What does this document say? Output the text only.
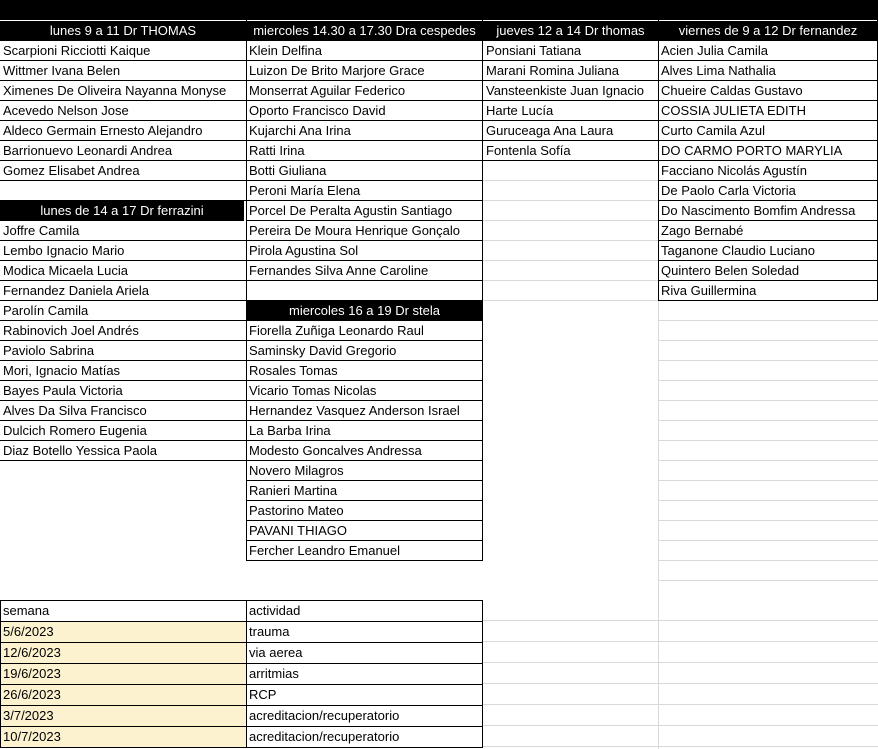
lunes 9 a 11 Dr THOMAS
Scarpioni Ricciotti Kaique
Wittmer Ivana Belen
Ximenes De Oliveira Nayanna Monyse
Acevedo Nelson Jose
Aldeco Germain Ernesto Alejandro
Barrionuevo Leonardi Andrea
Gomez Elisabet Andrea
miercoles 14.30 a 17.30 Dra cespedes
Klein Delfina
Luizon De Brito Marjore Grace
Monserrat Aguilar Federico
Oporto Francisco David
Kujarchi Ana Irina
Ratti Irina
Botti Giuliana
Peroni María Elena
Porcel De Peralta Agustin Santiago
Pereira De Moura Henrique Gonçalo
Pirola Agustina Sol
Fernandes Silva Anne Caroline
jueves 12 a 14 Dr thomas
Ponsiani Tatiana
Marani Romina Juliana
Vansteenkiste Juan Ignacio
Harte Lucía
Guruceaga Ana Laura
Fontenla Sofía
viernes de 9 a 12 Dr fernandez
Acien Julia Camila
Alves Lima Nathalia
Chueire Caldas Gustavo
COSSIA JULIETA EDITH
Curto Camila Azul
DO CARMO PORTO MARYLIA
Facciano Nicolás Agustín
De Paolo Carla Victoria
Do Nascimento Bomfim Andressa
Zago Bernabé
Taganone Claudio Luciano
Quintero Belen Soledad
Riva Guillermina
lunes de 14 a 17 Dr ferrazini
Joffre Camila
Lembo Ignacio Mario
Modica Micaela Lucia
Fernandez Daniela Ariela
Parolín Camila
Rabinovich Joel Andrés
Paviolo Sabrina
Mori, Ignacio Matías
Bayes Paula Victoria
Alves Da Silva Francisco
Dulcich Romero Eugenia
Diaz Botello Yessica Paola
miercoles 16 a 19 Dr stela
Fiorella Zuñiga Leonardo Raul
Saminsky David Gregorio
Rosales Tomas
Vicario Tomas Nicolas
Hernandez Vasquez Anderson Israel
La Barba Irina
Modesto Goncalves Andressa
Novero Milagros
Ranieri Martina
Pastorino Mateo
PAVANI THIAGO
Fercher Leandro Emanuel
semana	actividad
5/6/2023	trauma
12/6/2023	via aerea
19/6/2023	arritmias
26/6/2023	RCP
3/7/2023	acreditacion/recuperatorio
10/7/2023	acreditacion/recuperatorio
